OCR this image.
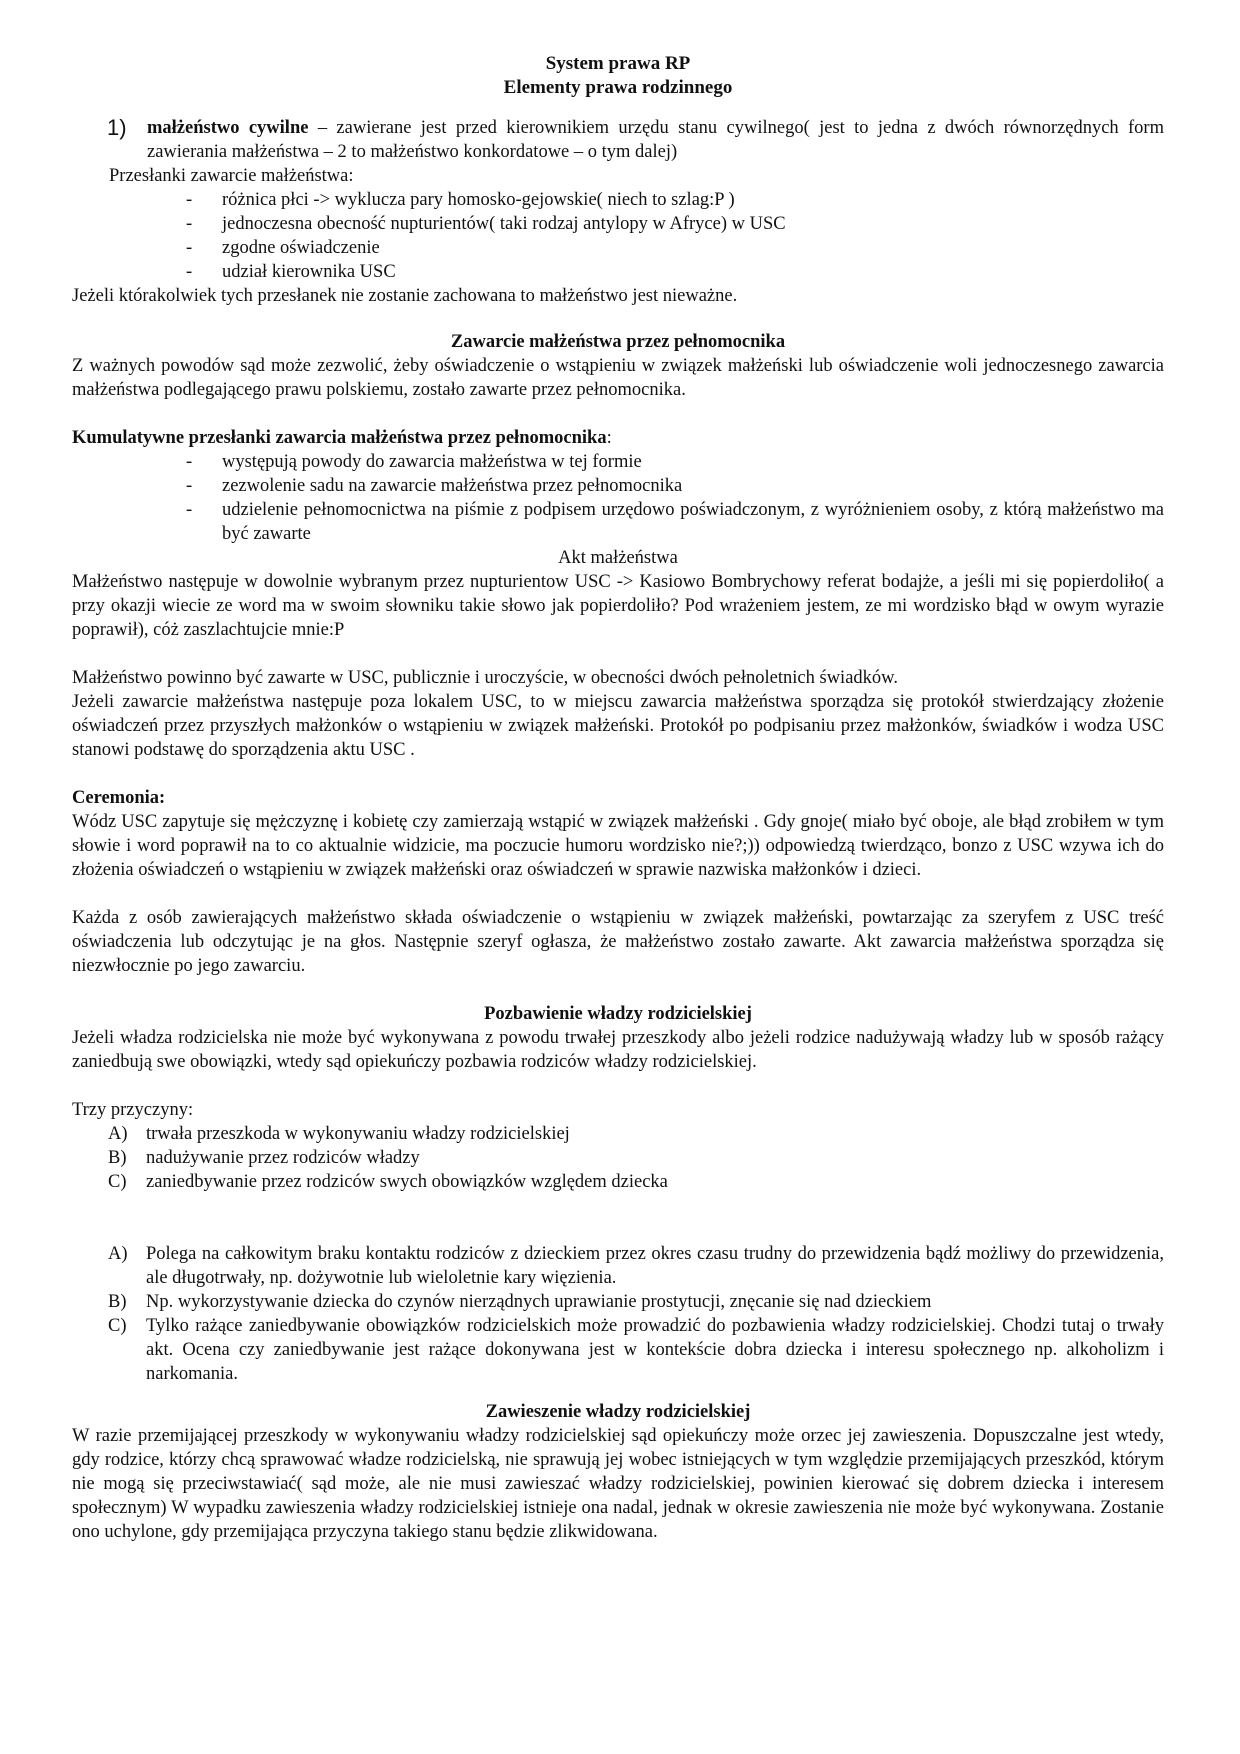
System prawa RP

Elementy prawa rodzinnego

1)	małżeństwo cywilne – zawierane jest przed kierownikiem urzędu stanu cywilnego( jest to jedna z dwóch równorzędnych form zawierania małżeństwa – 2 to małżeństwo konkordatowe – o tym dalej)

Przesłanki zawarcie małżeństwa:

-	różnica płci -> wyklucza pary homosko-gejowskie( niech to szlag:P )
-	jednoczesna obecność nupturientów( taki rodzaj antylopy w Afryce) w USC
-	zgodne oświadczenie
-	udział kierownika USC

Jeżeli którakolwiek tych przesłanek nie zostanie zachowana to małżeństwo jest nieważne.

Zawarcie małżeństwa przez pełnomocnika

Z ważnych powodów sąd może zezwolić, żeby oświadczenie o wstąpieniu w związek małżeński lub oświadczenie woli jednoczesnego zawarcia małżeństwa podlegającego prawu polskiemu, zostało zawarte przez pełnomocnika.

Kumulatywne przesłanki zawarcia małżeństwa przez pełnomocnika:

-	występują powody do zawarcia małżeństwa w tej formie
-	zezwolenie sadu na zawarcie małżeństwa przez pełnomocnika
-	udzielenie pełnomocnictwa na piśmie z podpisem urzędowo poświadczonym, z wyróżnieniem osoby, z którą małżeństwo ma być zawarte

Akt małżeństwa

Małżeństwo następuje w dowolnie wybranym przez nupturientow USC -> Kasiowo Bombrychowy referat bodajże, a jeśli mi się popierdoliło( a przy okazji wiecie ze word ma w swoim słowniku takie słowo jak popierdoliło? Pod wrażeniem jestem, ze mi wordzisko błąd w owym wyrazie poprawił), cóż zaszlachtujcie mnie:P

Małżeństwo powinno być zawarte w USC, publicznie i uroczyście, w obecności dwóch pełnoletnich świadków.

Jeżeli zawarcie małżeństwa następuje poza lokalem USC, to w miejscu zawarcia małżeństwa sporządza się protokół stwierdzający złożenie oświadczeń przez przyszłych małżonków o wstąpieniu w związek małżeński. Protokół po podpisaniu przez małżonków, świadków i wodza USC stanowi podstawę do sporządzenia aktu USC .

Ceremonia:

Wódz USC zapytuje się mężczyznę i kobietę czy zamierzają wstąpić w związek małżeński . Gdy gnoje( miało być oboje, ale błąd zrobiłem w tym słowie i word poprawił na to co aktualnie widzicie, ma poczucie humoru wordzisko nie?;)) odpowiedzą twierdząco, bonzo z USC wzywa ich do złożenia oświadczeń o wstąpieniu w związek małżeński oraz oświadczeń w sprawie nazwiska małżonków i dzieci.

Każda z osób zawierających małżeństwo składa oświadczenie o wstąpieniu w związek małżeński, powtarzając za szeryfem z USC treść oświadczenia lub odczytując je na głos. Następnie szeryf ogłasza, że małżeństwo zostało zawarte. Akt zawarcia małżeństwa sporządza się niezwłocznie po jego zawarciu.

Pozbawienie władzy rodzicielskiej

Jeżeli władza rodzicielska nie może być wykonywana z powodu trwałej przeszkody albo jeżeli rodzice nadużywają władzy lub w sposób rażący zaniedbują swe obowiązki, wtedy sąd opiekuńczy pozbawia rodziców władzy rodzicielskiej.

Trzy przyczyny:

A) trwała przeszkoda w wykonywaniu władzy rodzicielskiej
B)	nadużywanie przez rodziców władzy
C)	zaniedbywanie przez rodziców swych obowiązków względem dziecka
A) Polega na całkowitym braku kontaktu rodziców z dzieckiem przez okres czasu trudny do przewidzenia bądź możliwy do przewidzenia, ale długotrwały, np. dożywotnie lub wieloletnie kary więzienia.
B)	Np. wykorzystywanie dziecka do czynów nierządnych uprawianie prostytucji, znęcanie się nad dzieckiem
C)	Tylko rażące zaniedbywanie obowiązków rodzicielskich może prowadzić do pozbawienia władzy rodzicielskiej. Chodzi tutaj o trwały akt. Ocena czy zaniedbywanie jest rażące dokonywana jest w kontekście dobra dziecka i interesu społecznego np. alkoholizm i narkomania.

Zawieszenie władzy rodzicielskiej

W razie przemijającej przeszkody w wykonywaniu władzy rodzicielskiej sąd opiekuńczy może orzec jej zawieszenia. Dopuszczalne jest wtedy, gdy rodzice, którzy chcą sprawować władze rodzicielską, nie sprawują jej wobec istniejących w tym względzie przemijających przeszkód, którym nie mogą się przeciwstawiać( sąd może, ale nie musi zawieszać władzy rodzicielskiej, powinien kierować się dobrem dziecka i interesem społecznym) W wypadku zawieszenia władzy rodzicielskiej istnieje ona nadal, jednak w okresie zawieszenia nie może być wykonywana. Zostanie ono uchylone, gdy przemijająca przyczyna takiego stanu będzie zlikwidowana.
